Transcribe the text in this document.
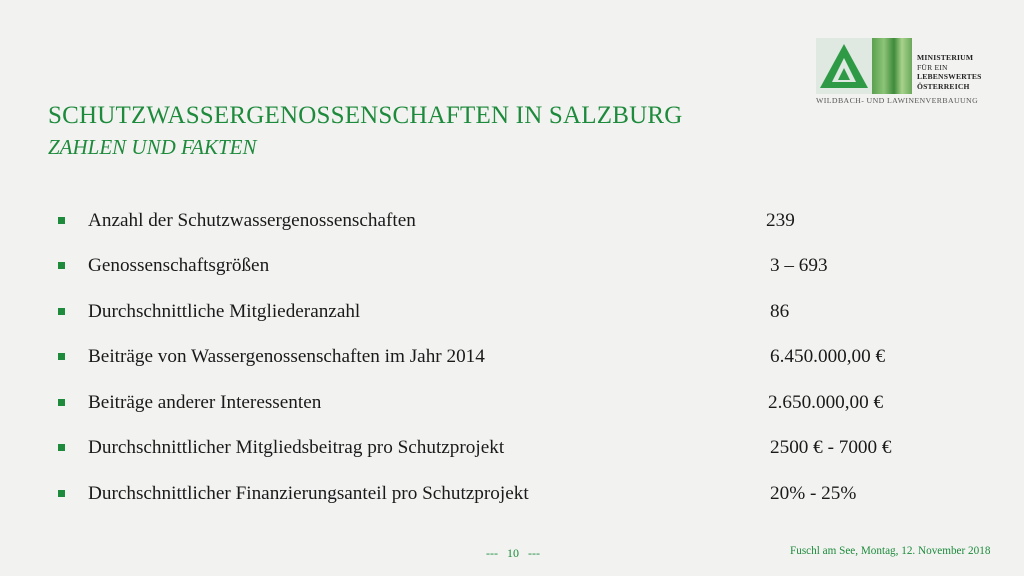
MINISTERIUM
FÜR EIN
LEBENSWERTES
ÖSTERREICH
WILDBACH- UND LAWINENVERBAUUNG
SCHUTZWASSERGENOSSENSCHAFTEN IN SALZBURG
ZAHLEN UND FAKTEN
Anzahl der Schutzwassergenossenschaften	239
Genossenschaftsgrößen	3 – 693
Durchschnittliche Mitgliederanzahl	86
Beiträge von Wassergenossenschaften im Jahr 2014	6.450.000,00 €
Beiträge anderer Interessenten	2.650.000,00 €
Durchschnittlicher Mitgliedsbeitrag pro Schutzprojekt	2500 € - 7000 €
Durchschnittlicher Finanzierungsanteil pro Schutzprojekt	20% - 25%
---   10   ---	Fuschl am See, Montag, 12. November 2018
